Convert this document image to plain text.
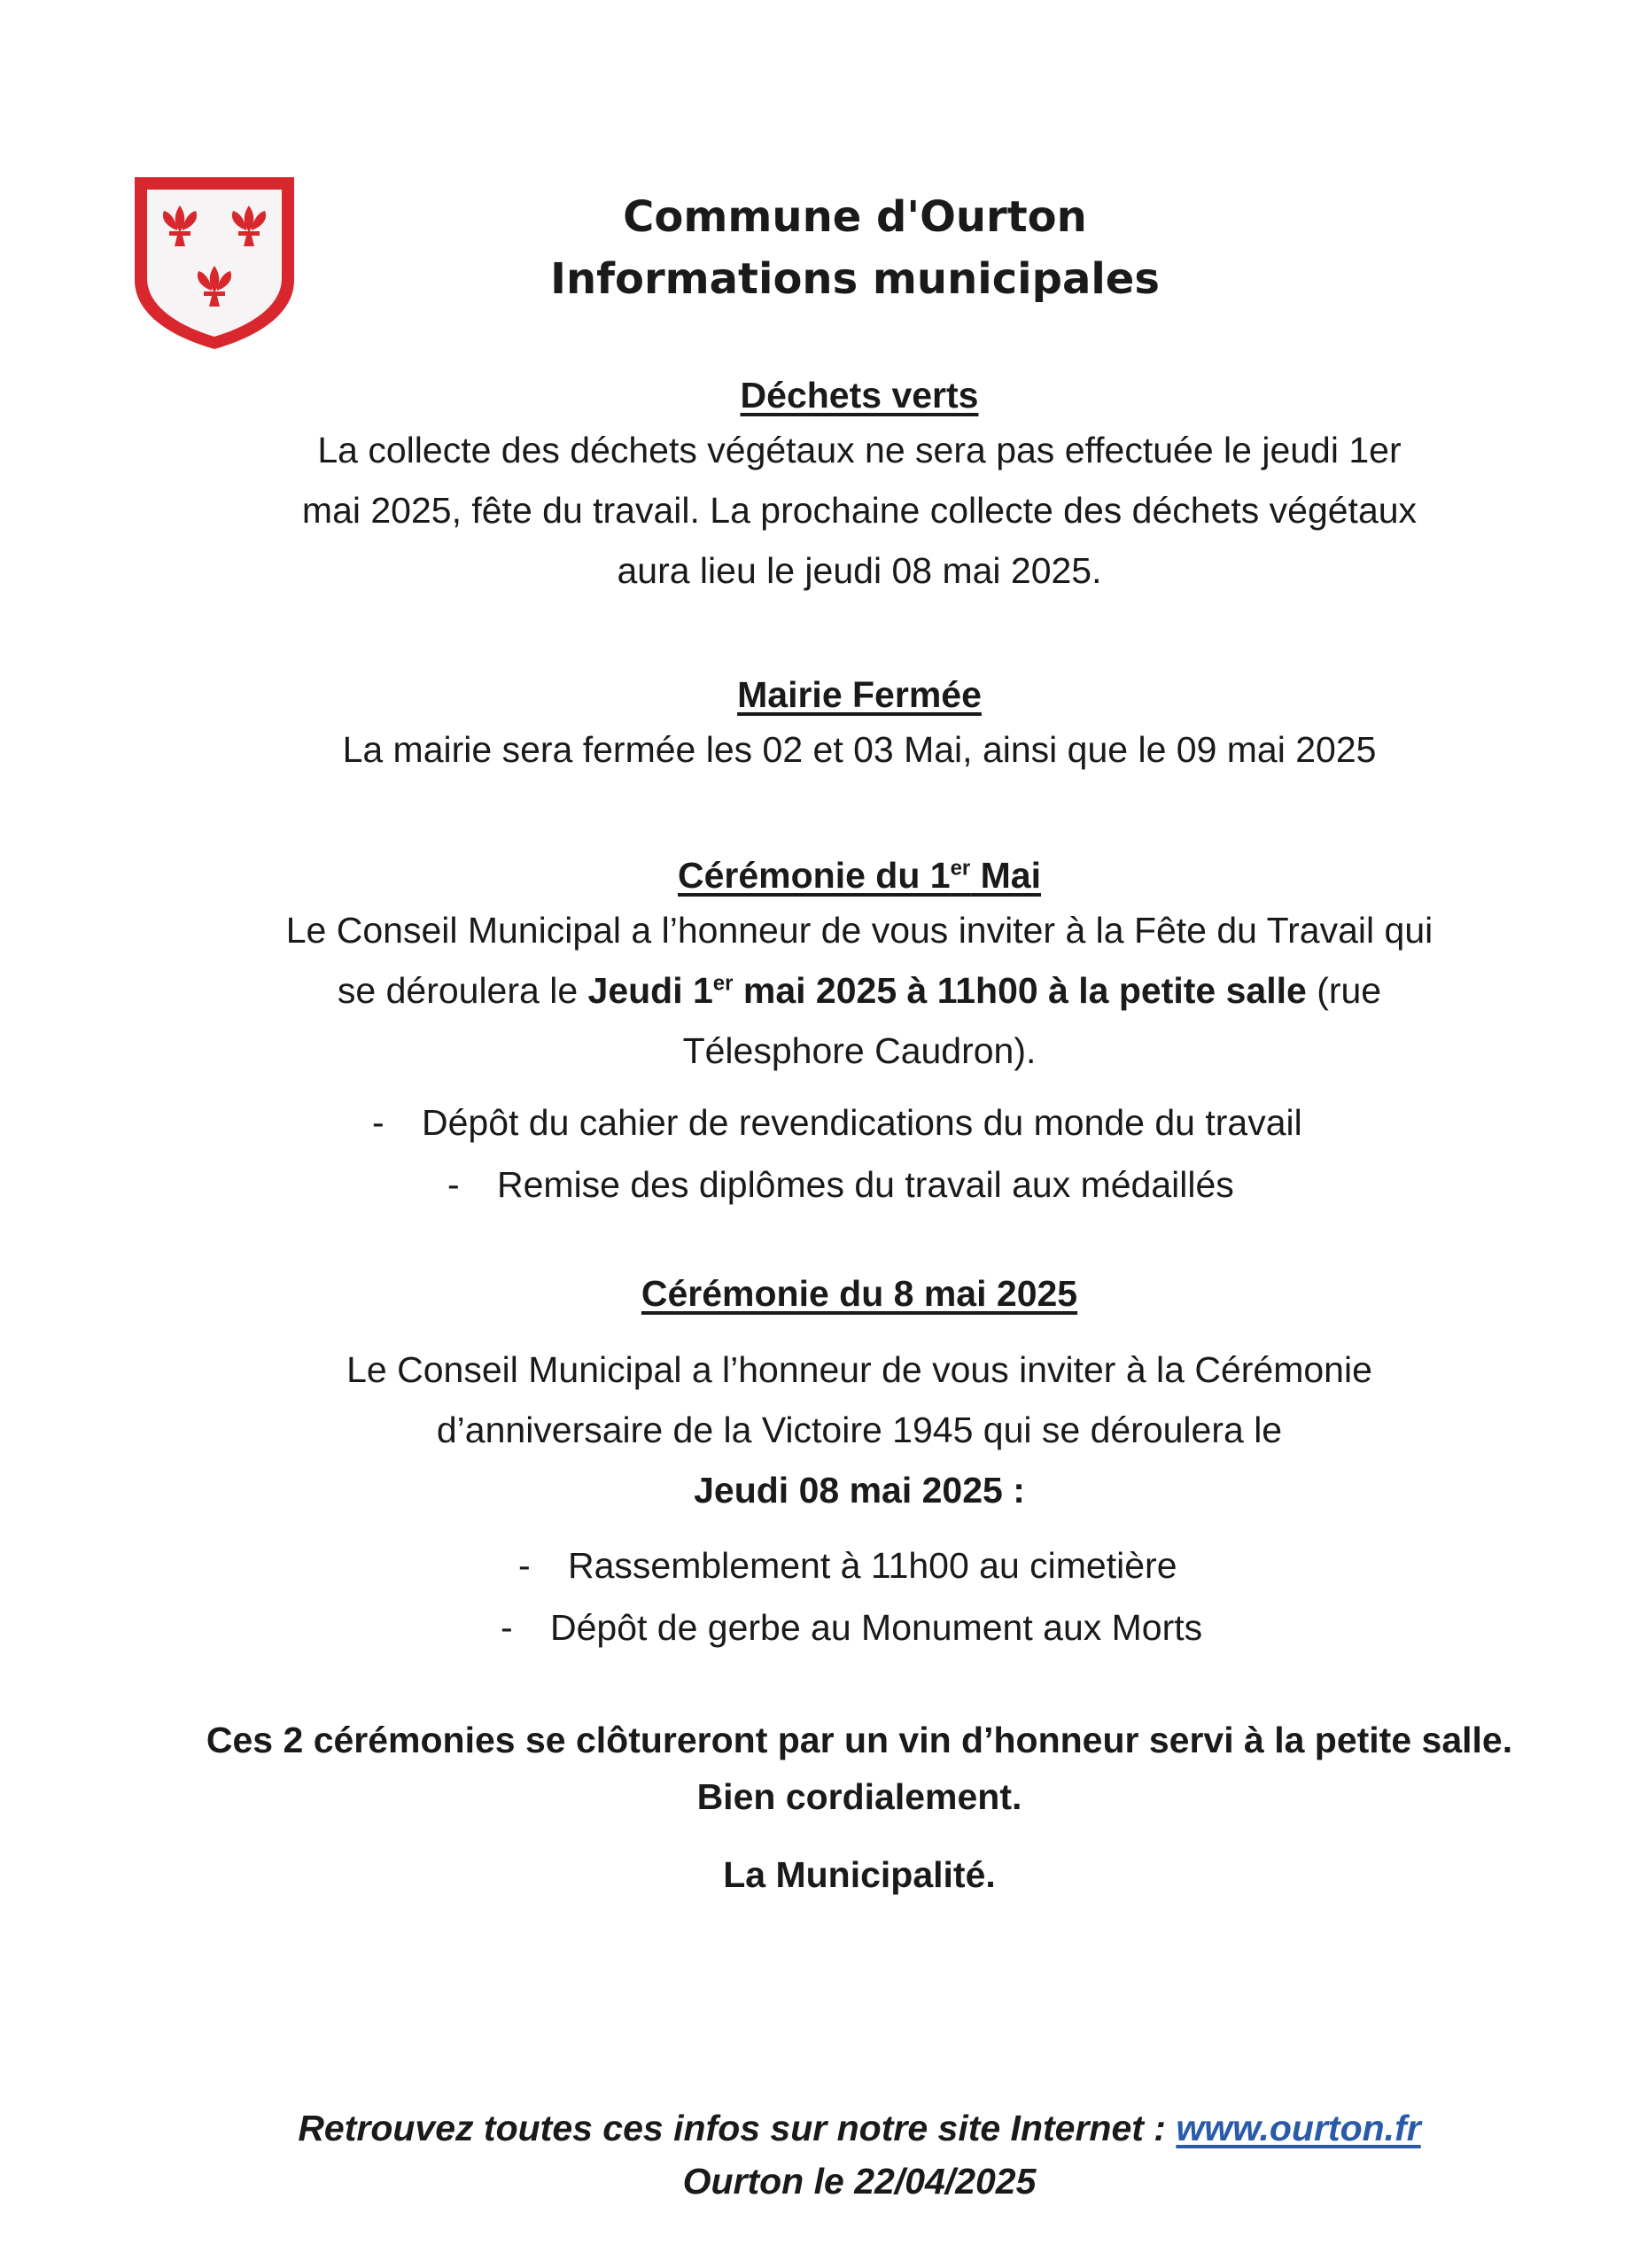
Commune d'Ourton
Informations municipales
Déchets verts
La collecte des déchets végétaux ne sera pas effectuée le jeudi 1er
mai 2025, fête du travail. La prochaine collecte des déchets végétaux
aura lieu le jeudi 08 mai 2025.
Mairie Fermée
La mairie sera fermée les 02 et 03 Mai, ainsi que le 09 mai 2025
Cérémonie du 1er Mai
Le Conseil Municipal a l’honneur de vous inviter à la Fête du Travail qui
se déroulera le Jeudi 1er mai 2025 à 11h00 à la petite salle (rue
Télesphore Caudron).
- Dépôt du cahier de revendications du monde du travail
- Remise des diplômes du travail aux médaillés
Cérémonie du 8 mai 2025
Le Conseil Municipal a l’honneur de vous inviter à la Cérémonie
d’anniversaire de la Victoire 1945 qui se déroulera le
Jeudi 08 mai 2025 :
- Rassemblement à 11h00 au cimetière
- Dépôt de gerbe au Monument aux Morts
Ces 2 cérémonies se clôtureront par un vin d’honneur servi à la petite salle.
Bien cordialement.
La Municipalité.
Retrouvez toutes ces infos sur notre site Internet : www.ourton.fr
Ourton le 22/04/2025
